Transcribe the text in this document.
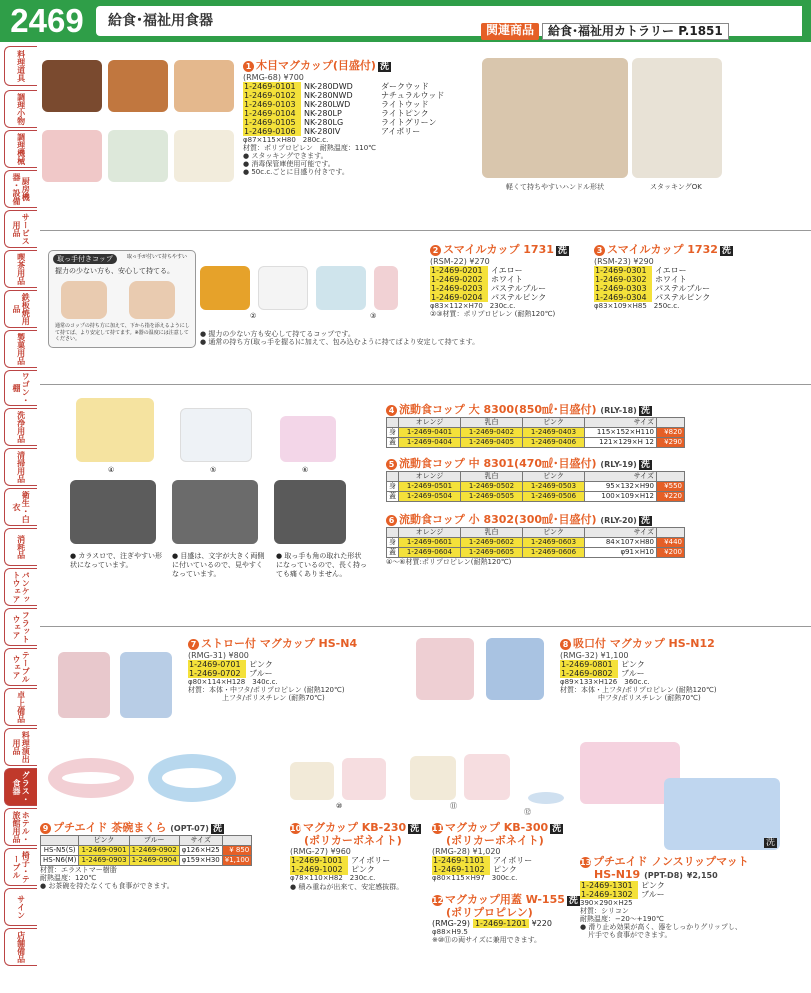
2469	給食･福祉用食器
関連商品	給食･福祉用カトラリー P.1851
料理道具
調理小物
調理機械
厨房機器・設備
サービス用品
喫茶用品
鉄板焼用品
製菓用品
ワゴン・棚
洗浄用品
清掃用品
衛生・白衣
消耗品
バンケットウェア
フラットウェア
テーブルウェア
卓上備品
料理演出用品
グラス・食器
ホテル・旅館用品
椅子・テーブル
サイン
店舗備品
1 木目マグカップ(目盛付) 洗
(RMG-68) ¥700
1-2469-0101	NK-280DWD	ダークウッド
1-2469-0102	NK-280NWD	ナチュラルウッド
1-2469-0103	NK-280LWD	ライトウッド
1-2469-0104	NK-280LP	ライトピンク
1-2469-0105	NK-280LG	ライトグリーン
1-2469-0106	NK-280IV	アイボリー
φ87×115×H80　280c.c.
材質：ポリプロピレン　耐熱温度：110℃
● スタッキングできます。
● 消毒保管庫使用可能です。
● 50c.c.ごとに目盛り付きです。
軽くて持ちやすいハンドル形状	スタッキングOK
取っ手付きコップ	取っ手が付いて持ちやすい
握力の少ない方も、安心して持てる。
通常のコップの持ち方に加えて、下から指を添えるようにして持てば、より安定して持てます。※器の温度には注意してください。
②	③
● 握力の少ない方も安心して持てるコップです。
● 通常の持ち方(取っ手を握る)に加えて、包み込むように持てばより安定して持てます。
2 スマイルカップ 1731 洗
(RSM-22) ¥270
1-2469-0201	イエロー
1-2469-0202	ホワイト
1-2469-0203	パステルブルー
1-2469-0204	パステルピンク
φ83×112×H70　230c.c.
②③材質：ポリプロピレン (耐熱120℃)
3 スマイルカップ 1732 洗
(RSM-23) ¥290
1-2469-0301	イエロー
1-2469-0302	ホワイト
1-2469-0303	パステルブルー
1-2469-0304	パステルピンク
φ83×109×H85　250c.c.
④	⑤	⑥
● カラスロで、注ぎやすい形状になっています。
● 目盛は、文字が大きく両側に付いているので、見やすくなっています。
● 取っ手も角の取れた形状になっているので、長く持っても痛くありません。
4 流動食コップ 大 8300(850㎖･目盛付) (RLY-18) 洗
	オレンジ	乳白	ピンク	サイズ	
身	1-2469-0401	1-2469-0402	1-2469-0403	115×152×H110	¥820
蓋	1-2469-0404	1-2469-0405	1-2469-0406	121×129×H 12	¥290
5 流動食コップ 中 8301(470㎖･目盛付) (RLY-19) 洗
	オレンジ	乳白	ピンク	サイズ	
身	1-2469-0501	1-2469-0502	1-2469-0503	95×132×H90	¥550
蓋	1-2469-0504	1-2469-0505	1-2469-0506	100×109×H12	¥220
6 流動食コップ 小 8302(300㎖･目盛付) (RLY-20) 洗
	オレンジ	乳白	ピンク	サイズ	
身	1-2469-0601	1-2469-0602	1-2469-0603	84×107×H80	¥440
蓋	1-2469-0604	1-2469-0605	1-2469-0606	φ91×H10	¥200
④〜⑥材質:ポリプロピレン(耐熱120℃)
7 ストロー付 マグカップ HS-N4
(RMG-31) ¥800
1-2469-0701	ピンク
1-2469-0702	ブルー
φ80×114×H128　340c.c.
材質：本体・中フタ/ポリプロピレン (耐熱120℃)
上フタ/ポリスチレン (耐熱70℃)
8 吸口付 マグカップ HS-N12
(RMG-32) ¥1,100
1-2469-0801	ピンク
1-2469-0802	ブルー
φ89×133×H126　360c.c.
材質：本体・上フタ/ポリプロピレン (耐熱120℃)
中フタ/ポリスチレン (耐熱70℃)
⑩	⑪
⑫
洗
9 プチエイド 茶碗まくら (OPT-07) 洗
	ピンク	ブルー	サイズ	
HS-N5(S)	1-2469-0901	1-2469-0902	φ126×H25	¥ 850
HS-N6(M)	1-2469-0903	1-2469-0904	φ159×H30	¥1,100
材質：エラストマー樹脂
耐熱温度：120℃
● お茶碗を持たなくても食事ができます。
10 マグカップ KB-230 洗
(ポリカーボネイト)
(RMG-27) ¥960
1-2469-1001	アイボリー
1-2469-1002	ピンク
φ78×110×H82　230c.c.
● 積み重ねが出来て、安定感抜群。
11 マグカップ KB-300 洗
(ポリカーボネイト)
(RMG-28) ¥1,020
1-2469-1101	アイボリー
1-2469-1102	ピンク
φ80×115×H97　300c.c.
12 マグカップ用蓋 W-155 洗
(ポリプロピレン)
(RMG-29) 1-2469-1201 ¥220
φ88×H9.5
※⑩⑪の両サイズに兼用できます。
13 プチエイド ノンスリップマット
HS-N19 (PPT-D8) ¥2,150
1-2469-1301	ピンク
1-2469-1302	ブルー
390×290×H25
材質：シリコン
耐熱温度：−20〜+190℃
● 滑り止め効果が高く、器をしっかりグリップし、
片手でも食事ができます。
